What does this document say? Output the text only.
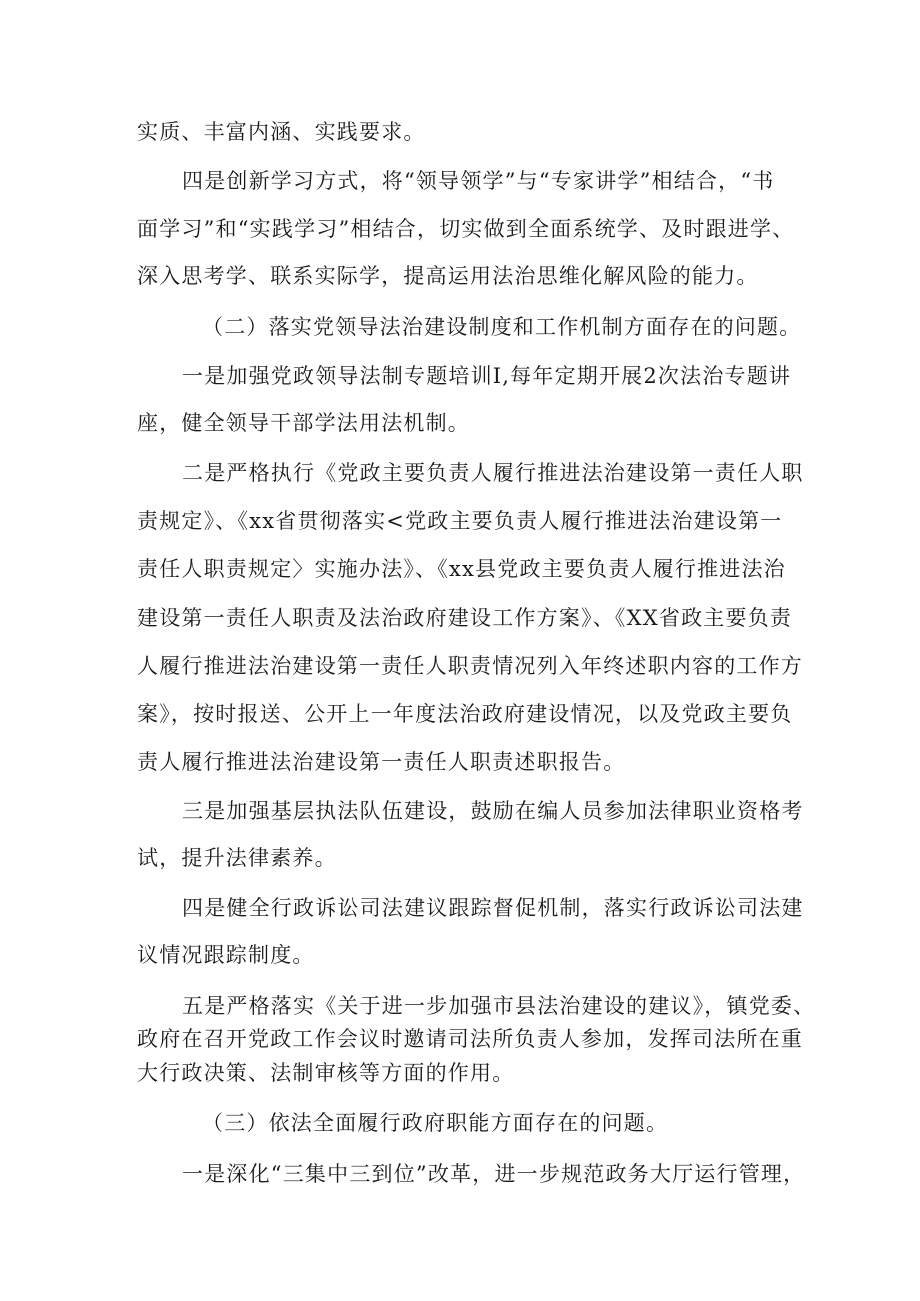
实质、丰富内涵、实践要求。

四是创新学习方式，将“领导领学”与“专家讲学”相结合，“书

面学习”和“实践学习”相结合，切实做到全面系统学、及时跟进学、

深入思考学、联系实际学，提高运用法治思维化解风险的能力。

（二）落实党领导法治建设制度和工作机制方面存在的问题。

一是加强党政领导法制专题培训I,每年定期开展2次法治专题讲

座，健全领导干部学法用法机制。

二是严格执行《党政主要负责人履行推进法治建设第一责任人职

责规定》、《xx省贯彻落实<党政主要负责人履行推进法治建设第一

责任人职责规定〉实施办法》、《xx县党政主要负责人履行推进法治

建设第一责任人职责及法治政府建设工作方案》、《XX省政主要负责

人履行推进法治建设第一责任人职责情况列入年终述职内容的工作方

案》，按时报送、公开上一年度法治政府建设情况，以及党政主要负

责人履行推进法治建设第一责任人职责述职报告。

三是加强基层执法队伍建设，鼓励在编人员参加法律职业资格考

试，提升法律素养。

四是健全行政诉讼司法建议跟踪督促机制，落实行政诉讼司法建

议情况跟踪制度。

五是严格落实《关于进一步加强市县法治建设的建议》，镇党委、

政府在召开党政工作会议时邀请司法所负责人参加，发挥司法所在重

大行政决策、法制审核等方面的作用。

（三）依法全面履行政府职能方面存在的问题。

一是深化“三集中三到位”改革，进一步规范政务大厅运行管理，
